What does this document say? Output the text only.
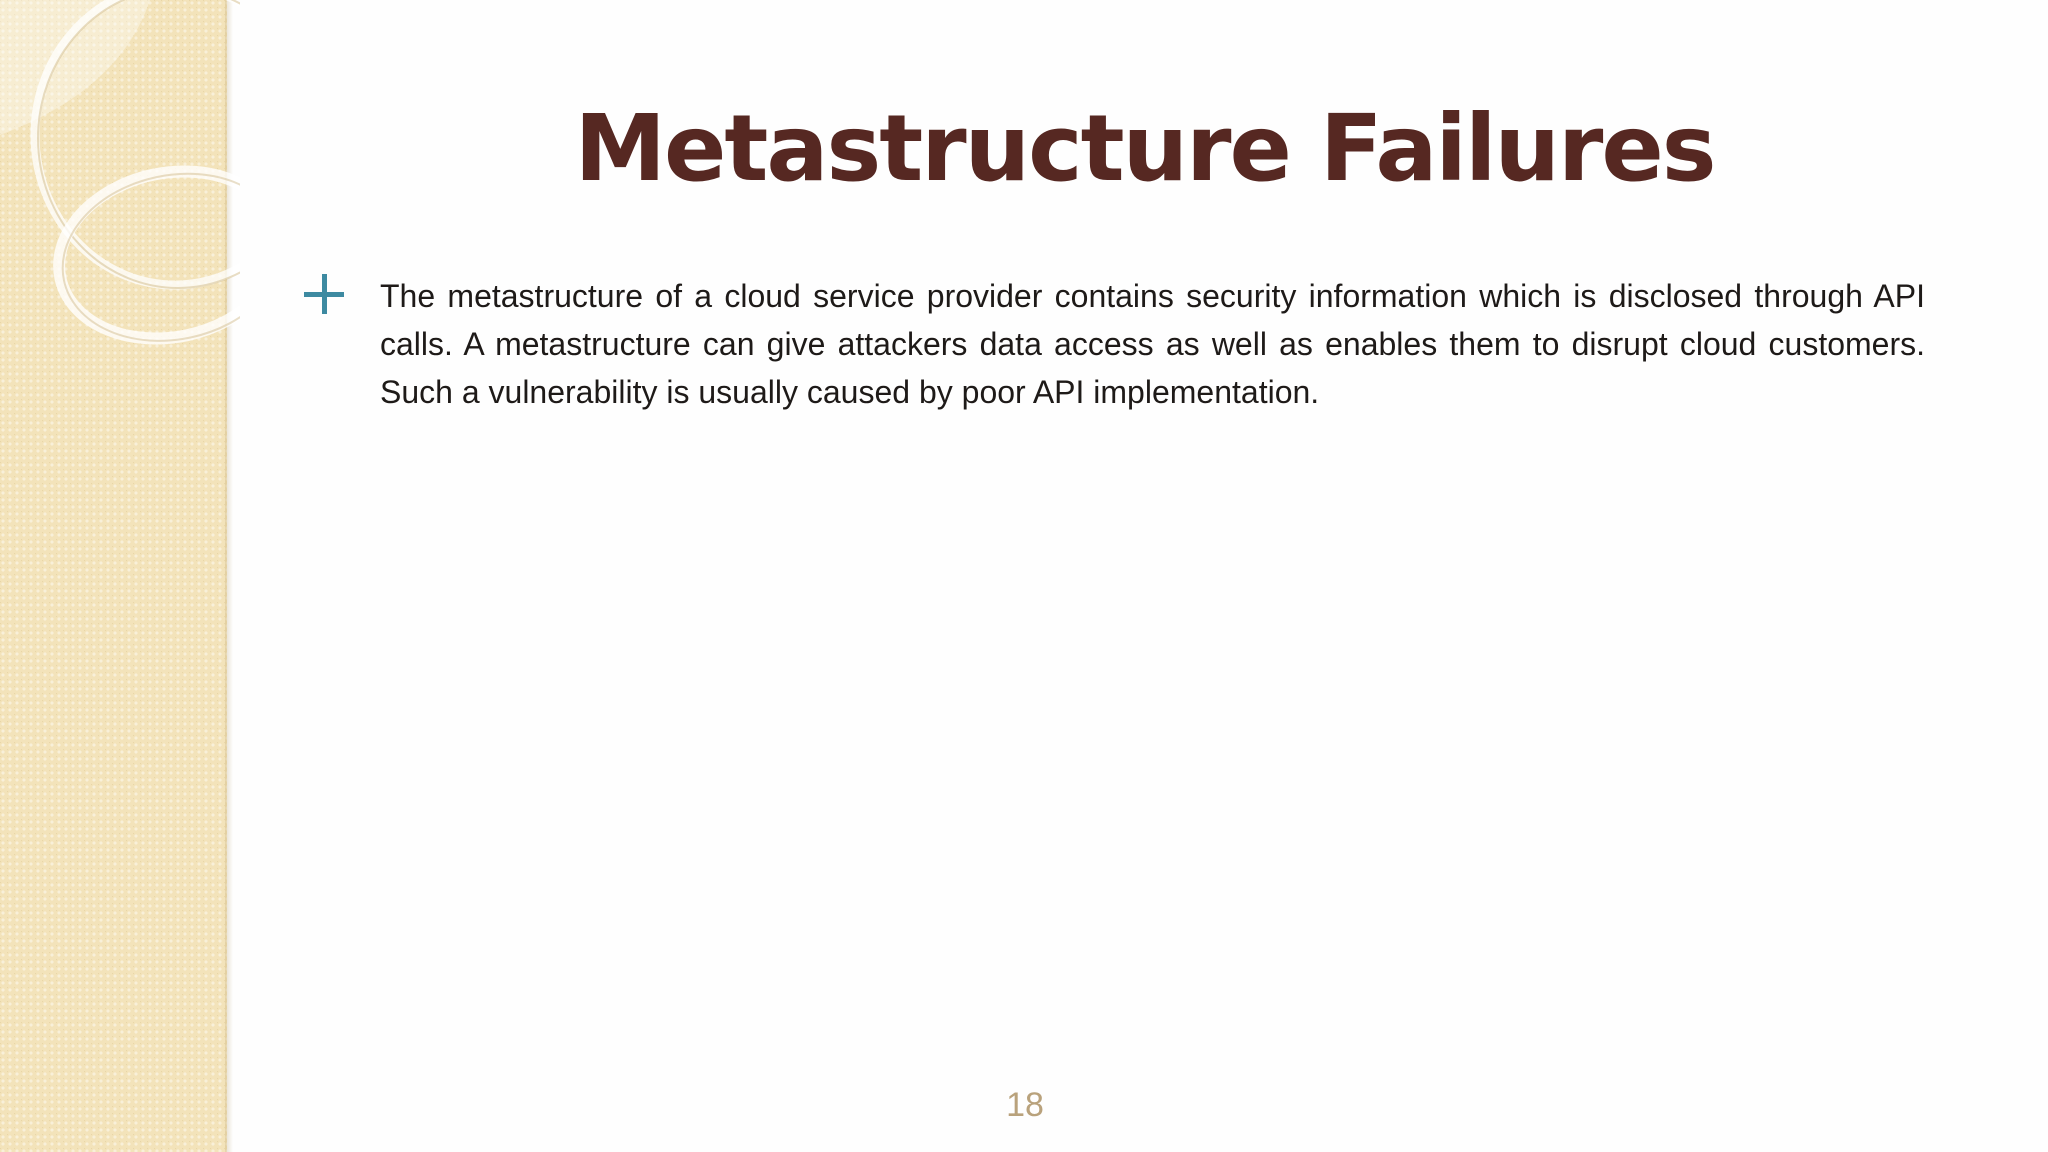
Metastructure Failures

The metastructure of a cloud service provider contains security information which is disclosed through API calls. A metastructure can give attackers data access as well as enables them to disrupt cloud customers. Such a vulnerability is usually caused by poor API implementation.

18
